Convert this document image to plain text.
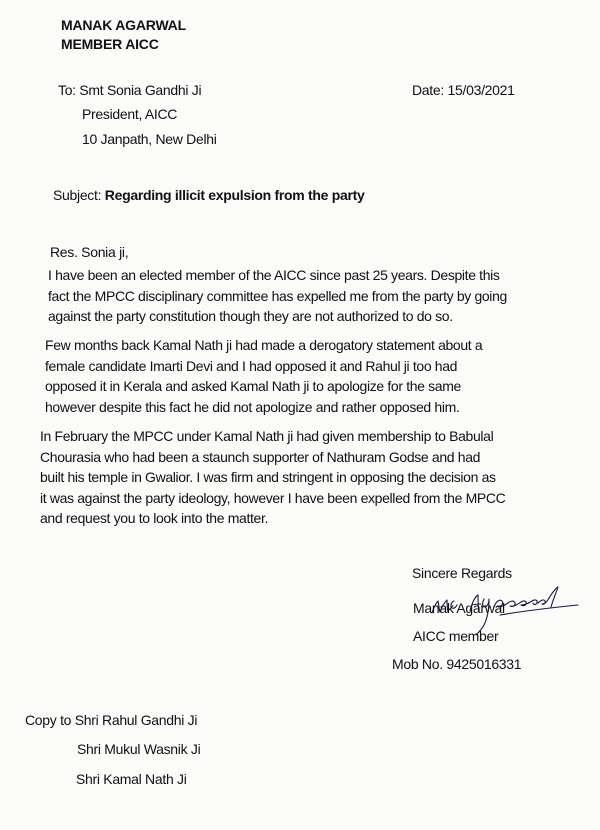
MANAK AGARWAL
MEMBER AICC
To: Smt Sonia Gandhi Ji	Date: 15/03/2021
President, AICC
10 Janpath, New Delhi
Subject: Regarding illicit expulsion from the party
Res. Sonia ji,
I have been an elected member of the AICC since past 25 years. Despite this
fact the MPCC disciplinary committee has expelled me from the party by going
against the party constitution though they are not authorized to do so.
Few months back Kamal Nath ji had made a derogatory statement about a
female candidate Imarti Devi and I had opposed it and Rahul ji too had
opposed it in Kerala and asked Kamal Nath ji to apologize for the same
however despite this fact he did not apologize and rather opposed him.
In February the MPCC under Kamal Nath ji had given membership to Babulal
Chourasia who had been a staunch supporter of Nathuram Godse and had
built his temple in Gwalior. I was firm and stringent in opposing the decision as
it was against the party ideology, however I have been expelled from the MPCC
and request you to look into the matter.
Sincere Regards
Manak Agarwal
AICC member
Mob No. 9425016331
Copy to Shri Rahul Gandhi Ji
Shri Mukul Wasnik Ji
Shri Kamal Nath Ji
